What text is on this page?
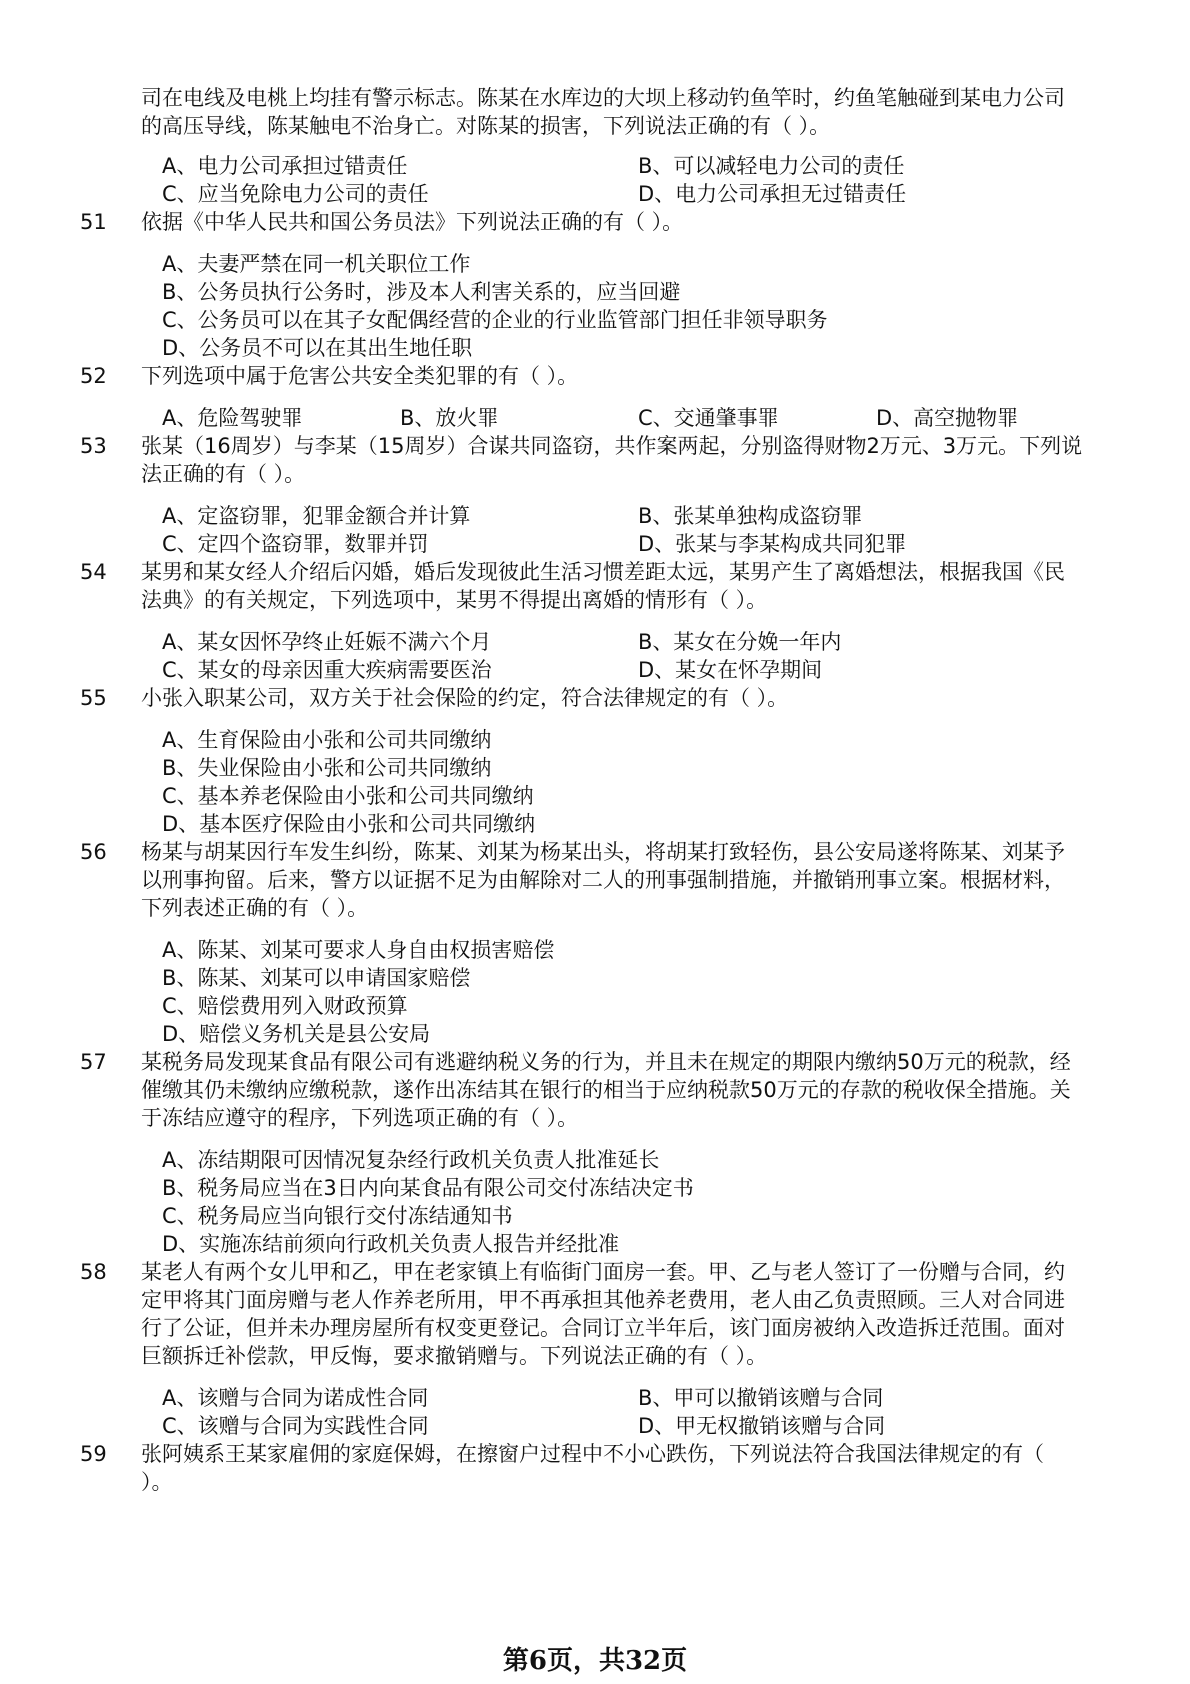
司在电线及电桃上均挂有警示标志。陈某在水库边的大坝上移动钓鱼竿时，约鱼笔触碰到某电力公司
的高压导线，陈某触电不治身亡。对陈某的损害，下列说法正确的有（ ）。
A、电力公司承担过错责任	B、可以减轻电力公司的责任
C、应当免除电力公司的责任	D、电力公司承担无过错责任
51	依据《中华人民共和国公务员法》下列说法正确的有（ ）。
A、夫妻严禁在同一机关职位工作
B、公务员执行公务时，涉及本人利害关系的，应当回避
C、公务员可以在其子女配偶经营的企业的行业监管部门担任非领导职务
D、公务员不可以在其出生地任职
52	下列选项中属于危害公共安全类犯罪的有（ ）。
A、危险驾驶罪	B、放火罪	C、交通肇事罪	D、高空抛物罪
53	张某（16周岁）与李某（15周岁）合谋共同盗窃，共作案两起，分别盗得财物2万元、3万元。下列说
法正确的有（ ）。
A、定盗窃罪，犯罪金额合并计算	B、张某单独构成盗窃罪
C、定四个盗窃罪，数罪并罚	D、张某与李某构成共同犯罪
54	某男和某女经人介绍后闪婚，婚后发现彼此生活习惯差距太远，某男产生了离婚想法，根据我国《民
法典》的有关规定，下列选项中，某男不得提出离婚的情形有（ ）。
A、某女因怀孕终止妊娠不满六个月	B、某女在分娩一年内
C、某女的母亲因重大疾病需要医治	D、某女在怀孕期间
55	小张入职某公司，双方关于社会保险的约定，符合法律规定的有（ ）。
A、生育保险由小张和公司共同缴纳
B、失业保险由小张和公司共同缴纳
C、基本养老保险由小张和公司共同缴纳
D、基本医疗保险由小张和公司共同缴纳
56	杨某与胡某因行车发生纠纷，陈某、刘某为杨某出头，将胡某打致轻伤，县公安局遂将陈某、刘某予
以刑事拘留。后来，警方以证据不足为由解除对二人的刑事强制措施，并撤销刑事立案。根据材料，
下列表述正确的有（ ）。
A、陈某、刘某可要求人身自由权损害赔偿
B、陈某、刘某可以申请国家赔偿
C、赔偿费用列入财政预算
D、赔偿义务机关是县公安局
57	某税务局发现某食品有限公司有逃避纳税义务的行为，并且未在规定的期限内缴纳50万元的税款，经
催缴其仍未缴纳应缴税款，遂作出冻结其在银行的相当于应纳税款50万元的存款的税收保全措施。关
于冻结应遵守的程序，下列选项正确的有（ ）。
A、冻结期限可因情况复杂经行政机关负责人批准延长
B、税务局应当在3日内向某食品有限公司交付冻结决定书
C、税务局应当向银行交付冻结通知书
D、实施冻结前须向行政机关负责人报告并经批准
58	某老人有两个女儿甲和乙，甲在老家镇上有临街门面房一套。甲、乙与老人签订了一份赠与合同，约
定甲将其门面房赠与老人作养老所用，甲不再承担其他养老费用，老人由乙负责照顾。三人对合同进
行了公证，但并未办理房屋所有权变更登记。合同订立半年后，该门面房被纳入改造拆迁范围。面对
巨额拆迁补偿款，甲反悔，要求撤销赠与。下列说法正确的有（ ）。
A、该赠与合同为诺成性合同	B、甲可以撤销该赠与合同
C、该赠与合同为实践性合同	D、甲无权撤销该赠与合同
59	张阿姨系王某家雇佣的家庭保姆，在擦窗户过程中不小心跌伤，下列说法符合我国法律规定的有（
）。
第6页，共32页
